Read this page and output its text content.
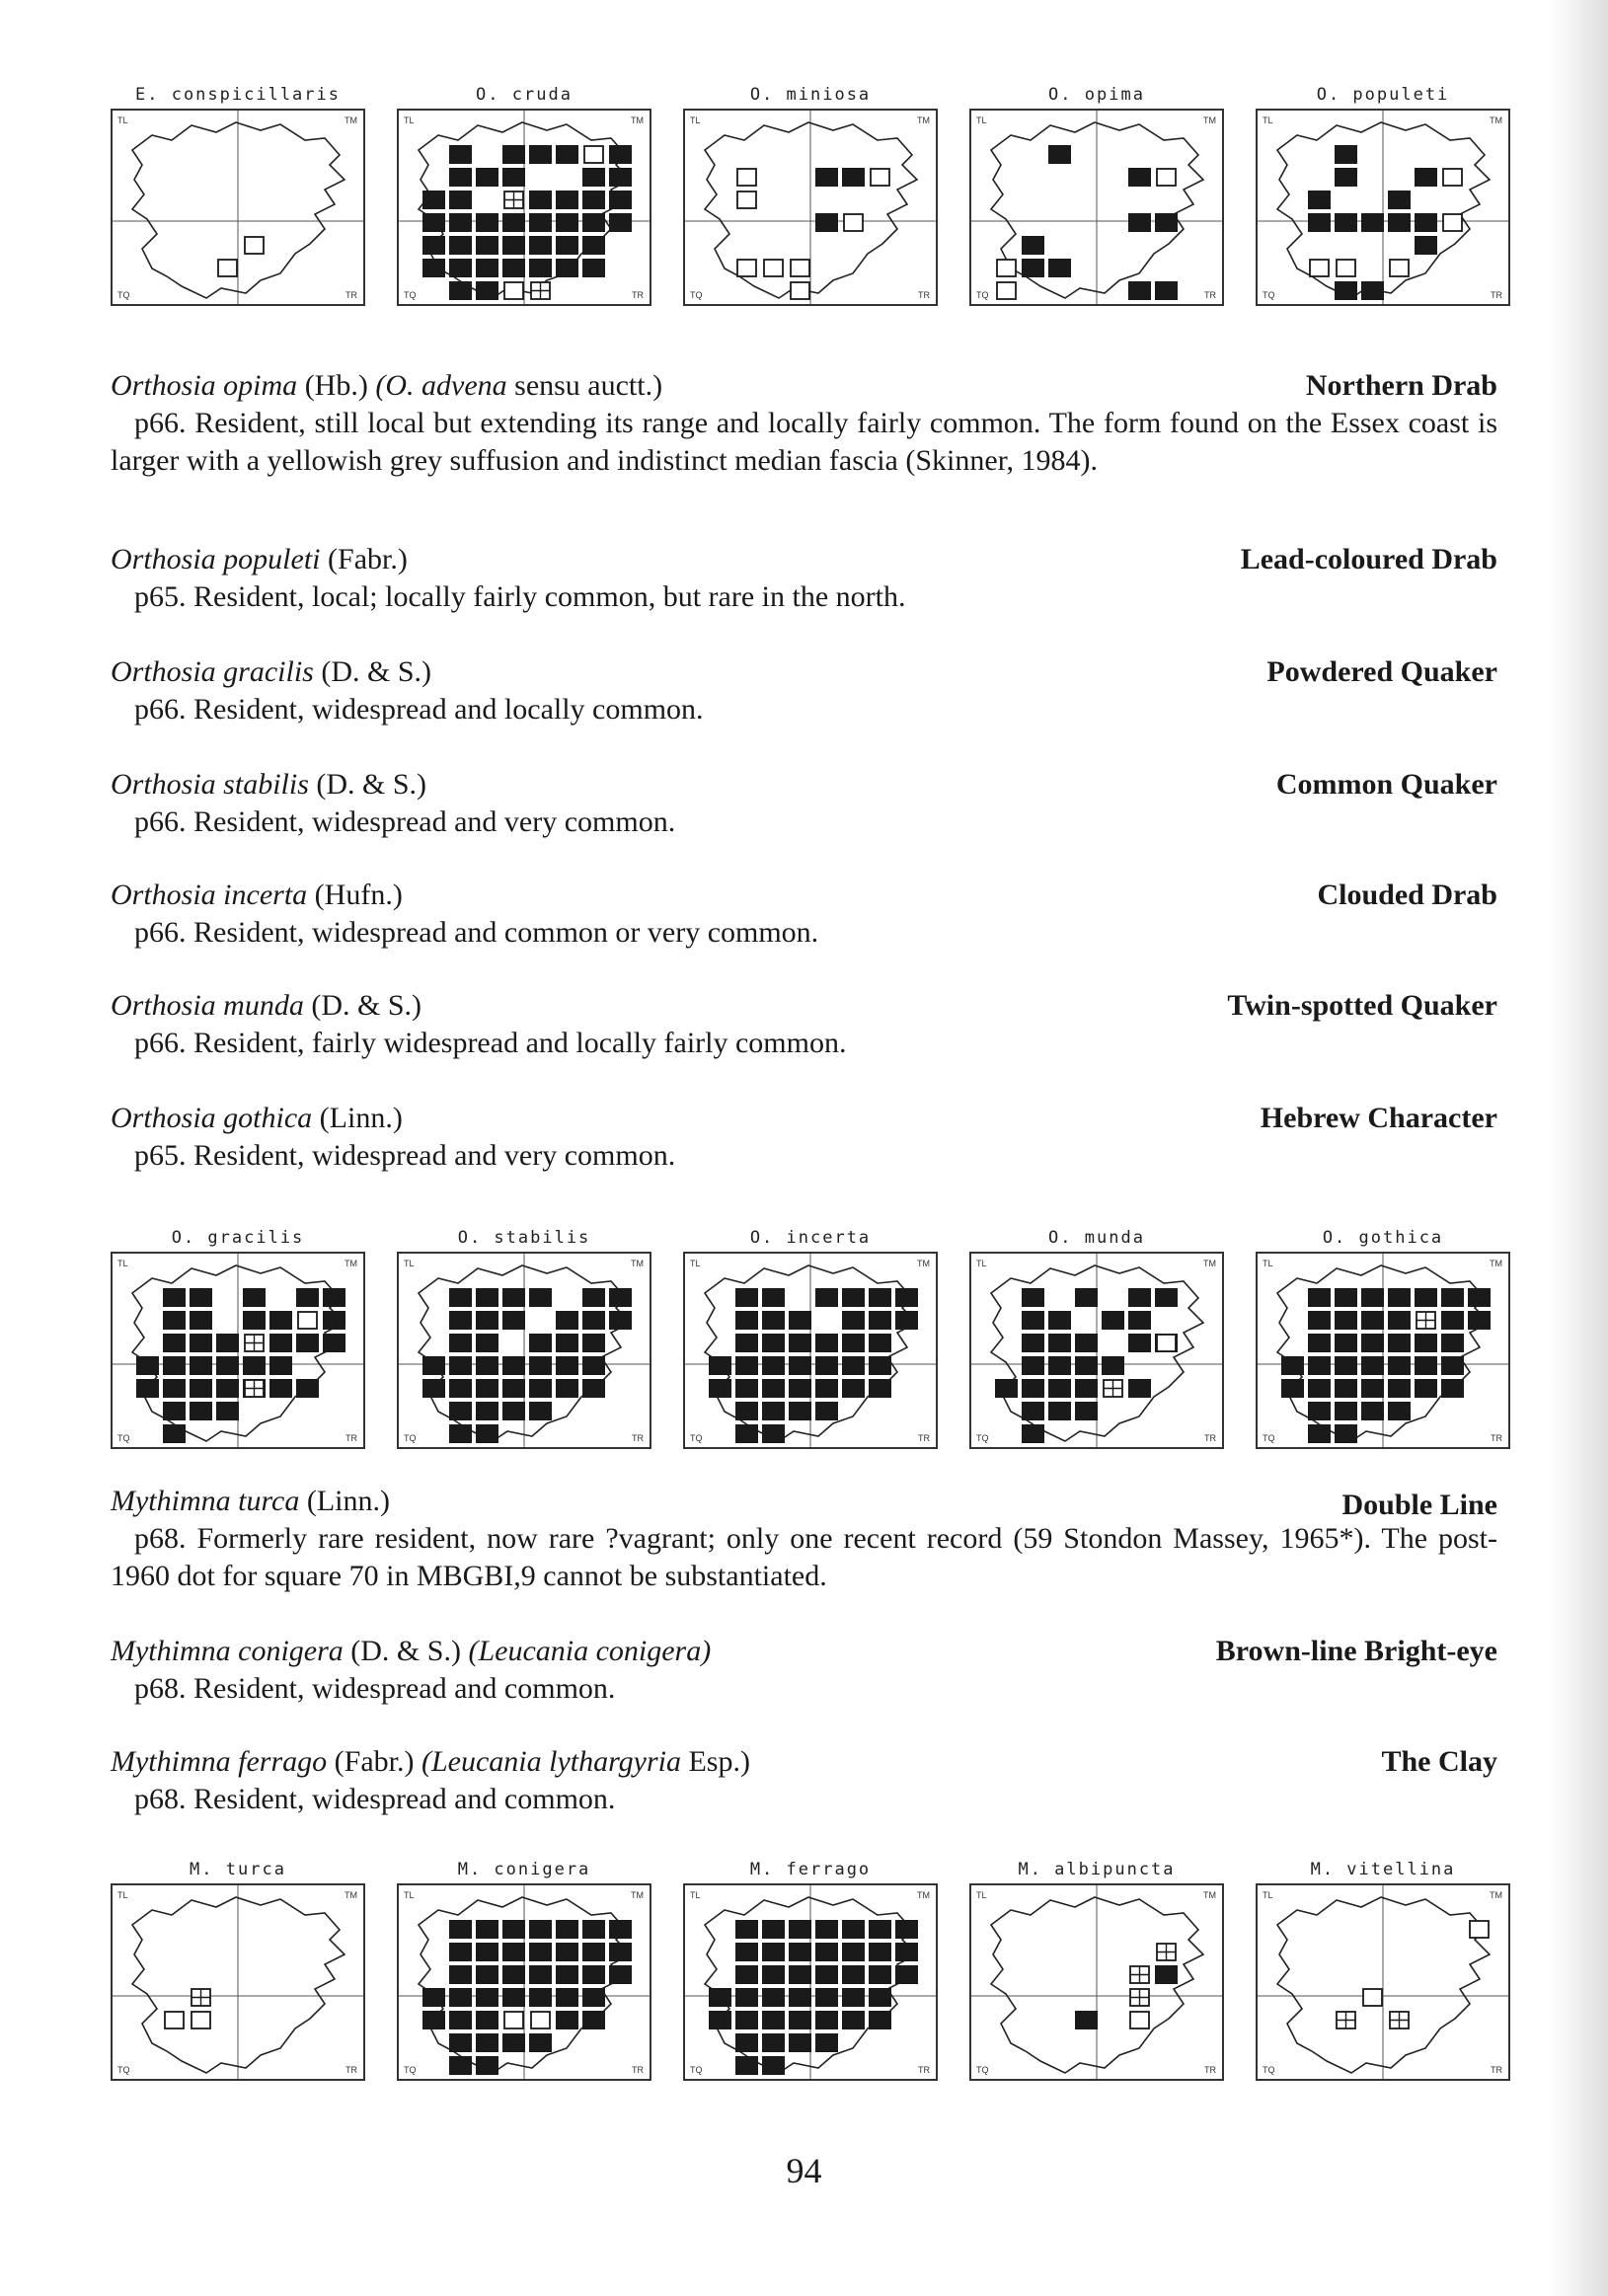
E. conspicillaris
TL	TM
TQ	TR
O. cruda
TL	TM
TQ	TR
O. miniosa
TL	TM
TQ	TR
O. opima
TL	TM
TQ	TR
O. populeti
TL	TM
TQ	TR
O. gracilis
TL	TM
TQ	TR
O. stabilis
TL	TM
TQ	TR
O. incerta
TL	TM
TQ	TR
O. munda
TL	TM
TQ	TR
O. gothica
TL	TM
TQ	TR
M. turca
TL	TM
TQ	TR
M. conigera
TL	TM
TQ	TR
M. ferrago
TL	TM
TQ	TR
M. albipuncta
TL	TM
TQ	TR
M. vitellina
TL	TM
TQ	TR
Orthosia opima (Hb.) (O. advena sensu auctt.)	Northern Drab
p66. Resident, still local but extending its range and locally fairly common. The form found on the Essex coast is larger with a yellowish grey suffusion and indistinct median fascia (Skinner, 1984).
Orthosia populeti (Fabr.)	Lead-coloured Drab
p65. Resident, local; locally fairly common, but rare in the north.
Orthosia gracilis (D. & S.)	Powdered Quaker
p66. Resident, widespread and locally common.
Orthosia stabilis (D. & S.)	Common Quaker
p66. Resident, widespread and very common.
Orthosia incerta (Hufn.)	Clouded Drab
p66. Resident, widespread and common or very common.
Orthosia munda (D. & S.)	Twin-spotted Quaker
p66. Resident, fairly widespread and locally fairly common.
Orthosia gothica (Linn.)	Hebrew Character
p65. Resident, widespread and very common.
Mythimna turca (Linn.)	Double Line
p68. Formerly rare resident, now rare ?vagrant; only one recent record (59 Stondon Massey, 1965*). The post-1960 dot for square 70 in MBGBI,9 cannot be substantiated.
Mythimna conigera (D. & S.) (Leucania conigera)	Brown-line Bright-eye
p68. Resident, widespread and common.
Mythimna ferrago (Fabr.) (Leucania lythargyria Esp.)	The Clay
p68. Resident, widespread and common.
94
